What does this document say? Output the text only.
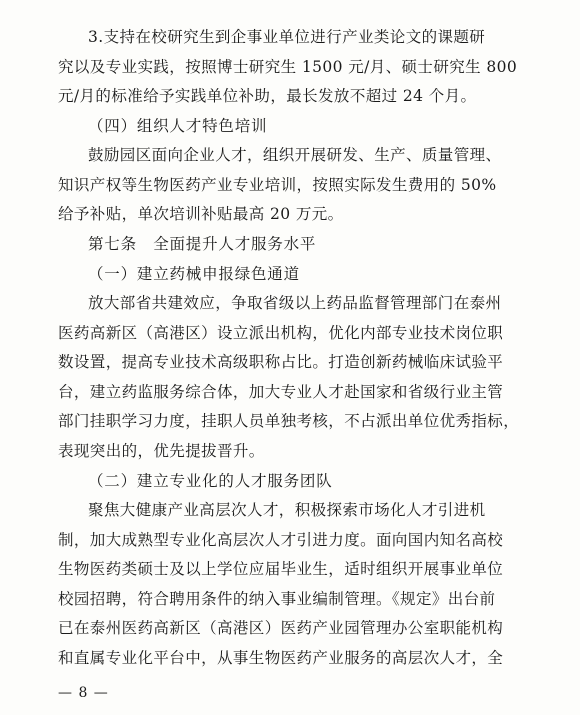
3.支持在校研究生到企事业单位进行产业类论文的课题研
究以及专业实践，按照博士研究生 1500 元/月、硕士研究生 800
元/月的标准给予实践单位补助，最长发放不超过 24 个月。
（四）组织人才特色培训
鼓励园区面向企业人才，组织开展研发、生产、质量管理、
知识产权等生物医药产业专业培训，按照实际发生费用的 50%
给予补贴，单次培训补贴最高 20 万元。
第七条　全面提升人才服务水平
（一）建立药械申报绿色通道
放大部省共建效应，争取省级以上药品监督管理部门在泰州
医药高新区（高港区）设立派出机构，优化内部专业技术岗位职
数设置，提高专业技术高级职称占比。打造创新药械临床试验平
台，建立药监服务综合体，加大专业人才赴国家和省级行业主管
部门挂职学习力度，挂职人员单独考核，不占派出单位优秀指标，
表现突出的，优先提拔晋升。
（二）建立专业化的人才服务团队
聚焦大健康产业高层次人才，积极探索市场化人才引进机
制，加大成熟型专业化高层次人才引进力度。面向国内知名高校
生物医药类硕士及以上学位应届毕业生，适时组织开展事业单位
校园招聘，符合聘用条件的纳入事业编制管理。《规定》出台前
已在泰州医药高新区（高港区）医药产业园管理办公室职能机构
和直属专业化平台中，从事生物医药产业服务的高层次人才，全
— 8 —
